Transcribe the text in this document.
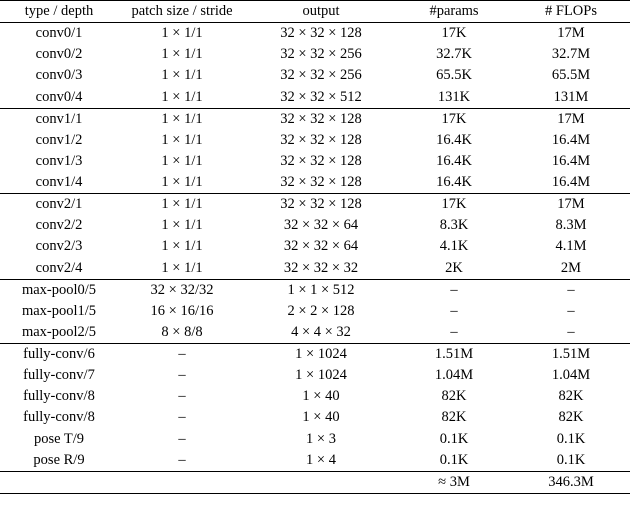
type / depth	patch size / stride	output	#params	# FLOPs
conv0/1	1 × 1/1	32 × 32 × 128	17K	17M
conv0/2	1 × 1/1	32 × 32 × 256	32.7K	32.7M
conv0/3	1 × 1/1	32 × 32 × 256	65.5K	65.5M
conv0/4	1 × 1/1	32 × 32 × 512	131K	131M
conv1/1	1 × 1/1	32 × 32 × 128	17K	17M
conv1/2	1 × 1/1	32 × 32 × 128	16.4K	16.4M
conv1/3	1 × 1/1	32 × 32 × 128	16.4K	16.4M
conv1/4	1 × 1/1	32 × 32 × 128	16.4K	16.4M
conv2/1	1 × 1/1	32 × 32 × 128	17K	17M
conv2/2	1 × 1/1	32 × 32 × 64	8.3K	8.3M
conv2/3	1 × 1/1	32 × 32 × 64	4.1K	4.1M
conv2/4	1 × 1/1	32 × 32 × 32	2K	2M
max-pool0/5	32 × 32/32	1 × 1 × 512	–	–
max-pool1/5	16 × 16/16	2 × 2 × 128	–	–
max-pool2/5	8 × 8/8	4 × 4 × 32	–	–
fully-conv/6	–	1 × 1024	1.51M	1.51M
fully-conv/7	–	1 × 1024	1.04M	1.04M
fully-conv/8	–	1 × 40	82K	82K
fully-conv/8	–	1 × 40	82K	82K
pose T/9	–	1 × 3	0.1K	0.1K
pose R/9	–	1 × 4	0.1K	0.1K
			≈ 3M	346.3M
